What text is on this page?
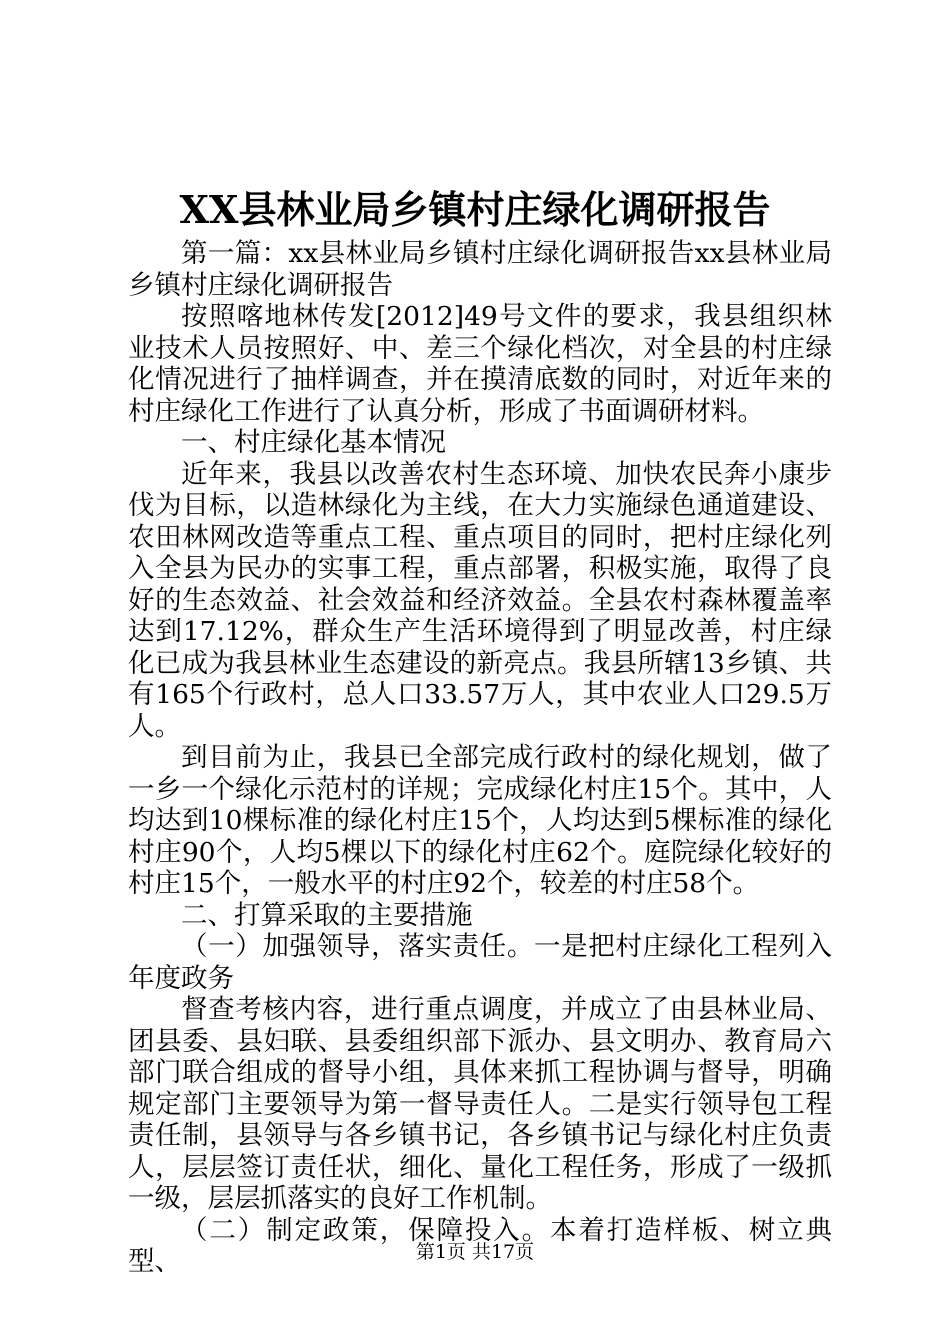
XX县林业局乡镇村庄绿化调研报告

第一篇：xx县林业局乡镇村庄绿化调研报告xx县林业局乡镇村庄绿化调研报告

按照喀地林传发[2012]49号文件的要求，我县组织林业技术人员按照好、中、差三个绿化档次，对全县的村庄绿化情况进行了抽样调查，并在摸清底数的同时，对近年来的村庄绿化工作进行了认真分析，形成了书面调研材料。

一、村庄绿化基本情况

近年来，我县以改善农村生态环境、加快农民奔小康步伐为目标，以造林绿化为主线，在大力实施绿色通道建设、农田林网改造等重点工程、重点项目的同时，把村庄绿化列入全县为民办的实事工程，重点部署，积极实施，取得了良好的生态效益、社会效益和经济效益。全县农村森林覆盖率达到17.12%，群众生产生活环境得到了明显改善，村庄绿化已成为我县林业生态建设的新亮点。我县所辖13乡镇、共有165个行政村，总人口33.57万人，其中农业人口29.5万人。

到目前为止，我县已全部完成行政村的绿化规划，做了一乡一个绿化示范村的详规；完成绿化村庄15个。其中，人均达到10棵标准的绿化村庄15个，人均达到5棵标准的绿化村庄90个，人均5棵以下的绿化村庄62个。庭院绿化较好的村庄15个，一般水平的村庄92个，较差的村庄58个。

二、打算采取的主要措施

（一）加强领导，落实责任。一是把村庄绿化工程列入年度政务

督查考核内容，进行重点调度，并成立了由县林业局、团县委、县妇联、县委组织部下派办、县文明办、教育局六部门联合组成的督导小组，具体来抓工程协调与督导，明确规定部门主要领导为第一督导责任人。二是实行领导包工程责任制，县领导与各乡镇书记，各乡镇书记与绿化村庄负责人，层层签订责任状，细化、量化工程任务，形成了一级抓一级，层层抓落实的良好工作机制。

（二）制定政策，保障投入。本着打造样板、树立典型、	第1页 共17页
